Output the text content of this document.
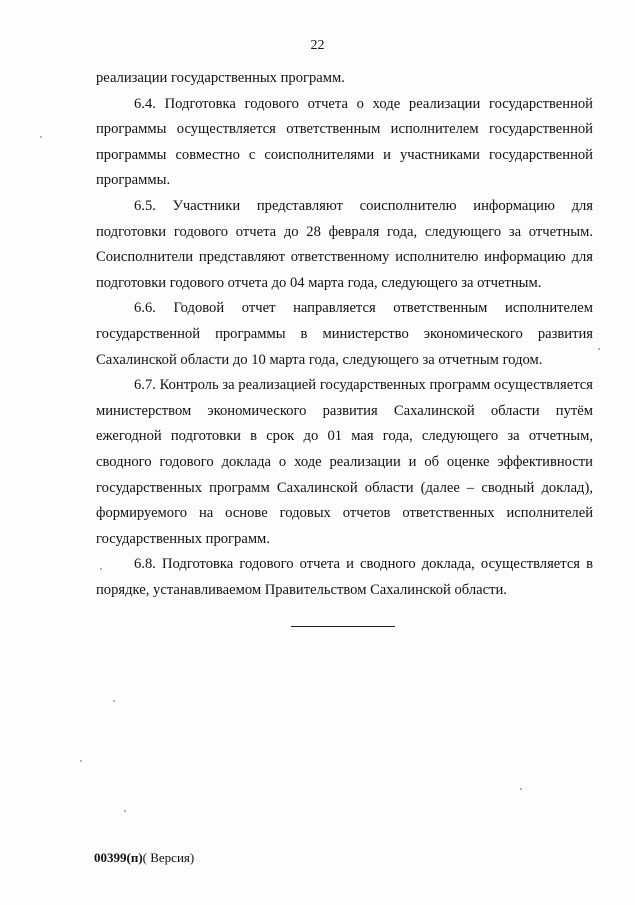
22

реализации государственных программ.

6.4. Подготовка годового отчета о ходе реализации государственной программы осуществляется ответственным исполнителем государственной программы совместно с соисполнителями и участниками государственной программы.

6.5. Участники представляют соисполнителю информацию для подготовки годового отчета до 28 февраля года, следующего за отчетным. Соисполнители представляют ответственному исполнителю информацию для подготовки годового отчета до 04 марта года, следующего за отчетным.

6.6. Годовой отчет направляется ответственным исполнителем государственной программы в министерство экономического развития Сахалинской области до 10 марта года, следующего за отчетным годом.

6.7. Контроль за реализацией государственных программ осуществляется министерством экономического развития Сахалинской области путём ежегодной подготовки в срок до 01 мая года, следующего за отчетным, сводного годового доклада о ходе реализации и об оценке эффективности государственных программ Сахалинской области (далее – сводный доклад), формируемого на основе годовых отчетов ответственных исполнителей государственных программ.

6.8. Подготовка годового отчета и сводного доклада, осуществляется в порядке, устанавливаемом Правительством Сахалинской области.

00399(п)( Версия)
